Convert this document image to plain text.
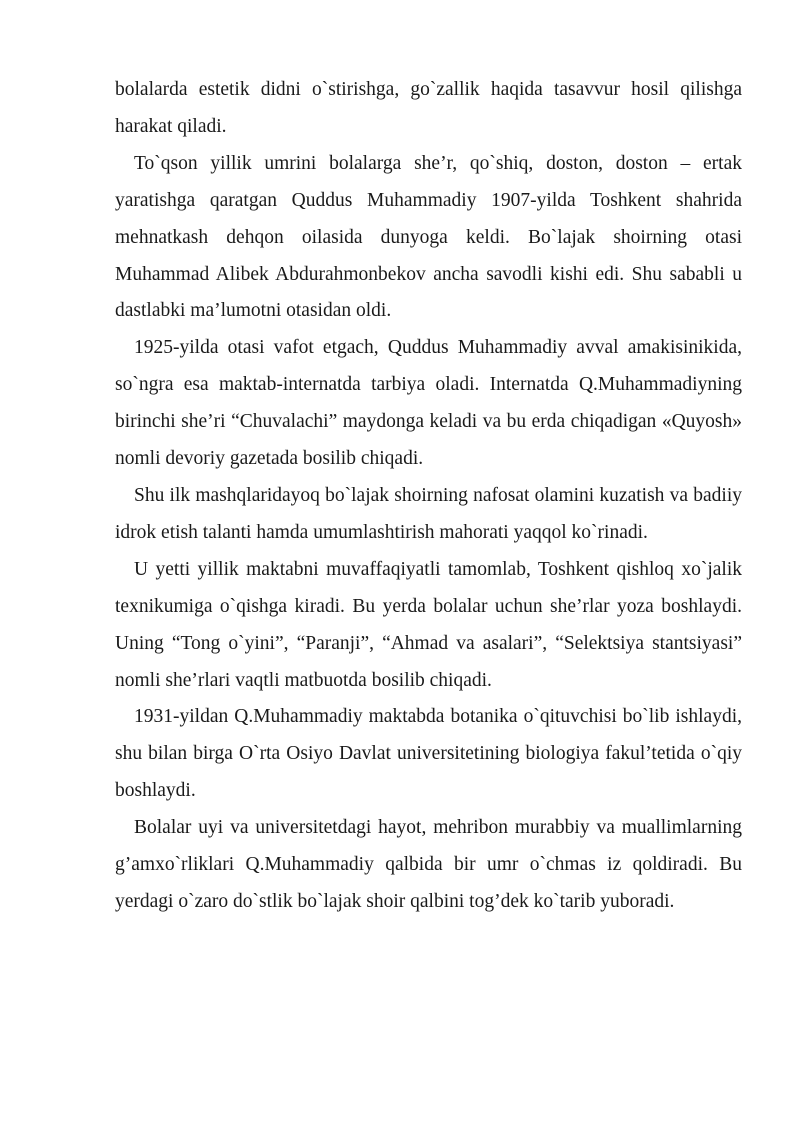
bolalarda estetik didni o`stirishga, go`zallik haqida tasavvur hosil qilishga harakat qiladi.

To`qson yillik umrini bolalarga she’r, qo`shiq, doston, doston – ertak yaratishga qaratgan Quddus Muhammadiy 1907-yilda Toshkent shahrida mehnatkash dehqon oilasida dunyoga keldi. Bo`lajak shoirning otasi Muhammad Alibek Abdurahmonbekov ancha savodli kishi edi. Shu sababli u dastlabki ma’lumotni otasidan oldi.

1925-yilda otasi vafot etgach, Quddus Muhammadiy avval amakisinikida, so`ngra esa maktab-internatda tarbiya oladi. Internatda Q.Muhammadiyning birinchi she’ri “Chuvalachi” maydonga keladi va bu erda chiqadigan «Quyosh» nomli devoriy gazetada bosilib chiqadi.

Shu ilk mashqlaridayoq bo`lajak shoirning nafosat olamini kuzatish va badiiy idrok etish talanti hamda umumlashtirish mahorati yaqqol ko`rinadi.

U yetti yillik maktabni muvaffaqiyatli tamomlab, Toshkent qishloq xo`jalik texnikumiga o`qishga kiradi. Bu yerda bolalar uchun she’rlar yoza boshlaydi. Uning “Tong o`yini”, “Paranji”, “Ahmad va asalari”, “Selektsiya stantsiyasi” nomli she’rlari vaqtli matbuotda bosilib chiqadi.

1931-yildan Q.Muhammadiy maktabda botanika o`qituvchisi bo`lib ishlaydi, shu bilan birga O`rta Osiyo Davlat universitetining biologiya fakul’tetida o`qiy boshlaydi.

Bolalar uyi va universitetdagi hayot, mehribon murabbiy va muallimlarning g’amxo`rliklari Q.Muhammadiy qalbida bir umr o`chmas iz qoldiradi. Bu yerdagi o`zaro do`stlik bo`lajak shoir qalbini tog’dek ko`tarib yuboradi.
